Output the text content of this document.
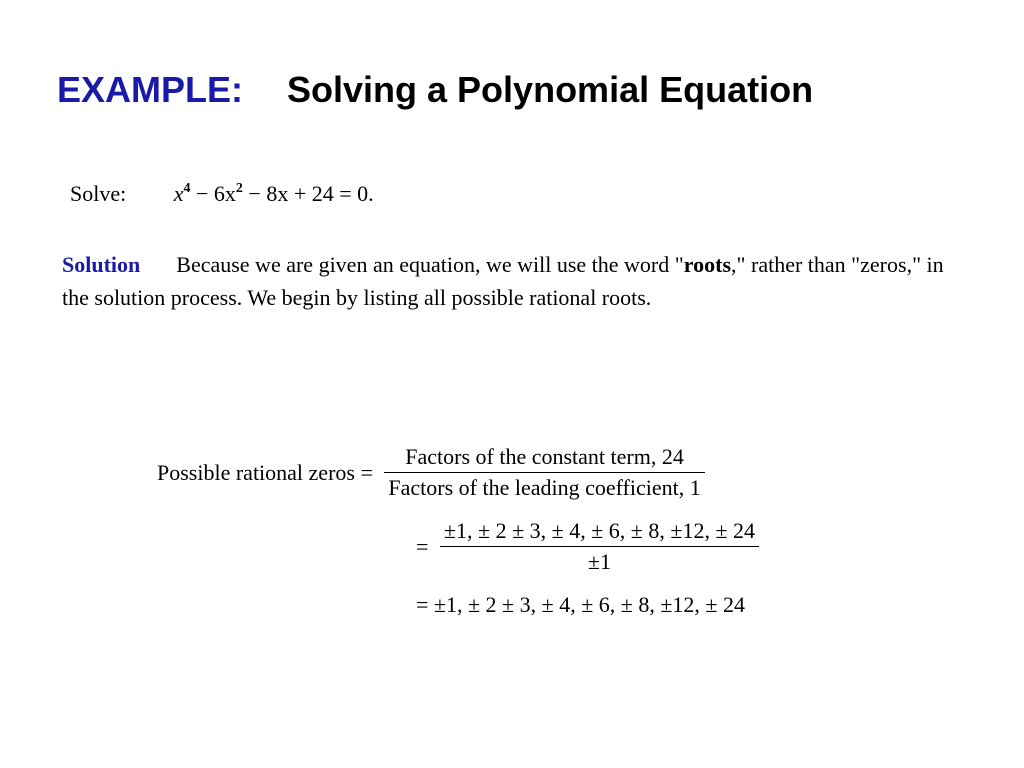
EXAMPLE: Solving a Polynomial Equation
Solve: $x^4 - 6x^2 - 8x + 24 = 0$.
Solution Because we are given an equation, we will use the word "roots," rather than "zeros," in the solution process. We begin by listing all possible rational roots.
Possible rational zeros = $\frac{\text{Factors of the constant term, 24}}{\text{Factors of the leading coefficient, 1}}$
= $\frac{\pm 1, \pm 2 \pm 3, \pm 4, \pm 6, \pm 8, \pm 12, \pm 24}{\pm 1}$
= ±1, ± 2 ± 3, ± 4, ± 6, ± 8, ±12, ± 24
